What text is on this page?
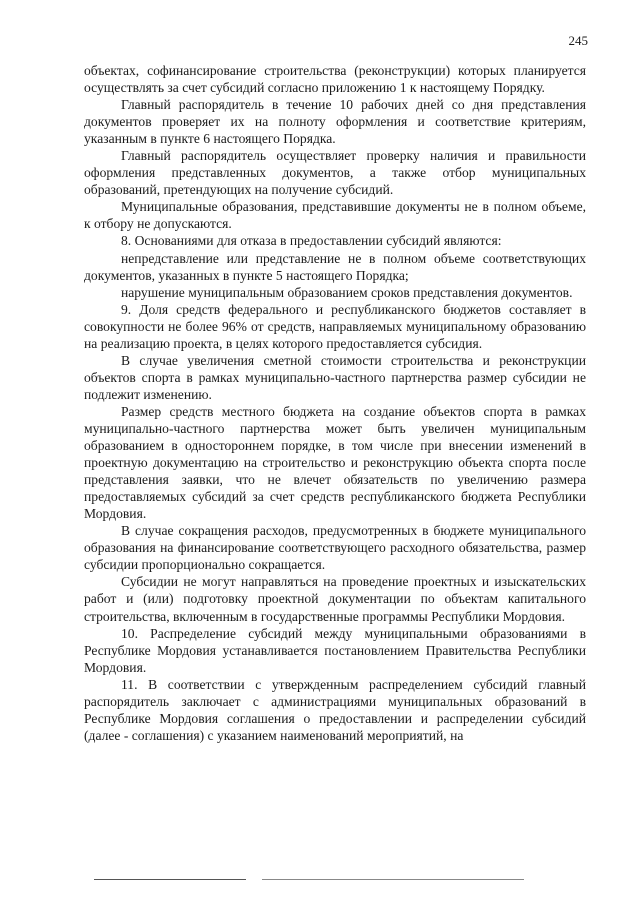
245

объектах, софинансирование строительства (реконструкции) которых планируется осуществлять за счет субсидий согласно приложению 1 к настоящему Порядку.

Главный распорядитель в течение 10 рабочих дней со дня представления документов проверяет их на полноту оформления и соответствие критериям, указанным в пункте 6 настоящего Порядка.

Главный распорядитель осуществляет проверку наличия и правильности оформления представленных документов, а также отбор муниципальных образований, претендующих на получение субсидий.

Муниципальные образования, представившие документы не в полном объеме, к отбору не допускаются.

8. Основаниями для отказа в предоставлении субсидий являются:

непредставление или представление не в полном объеме соответствующих документов, указанных в пункте 5 настоящего Порядка;

нарушение муниципальным образованием сроков представления документов.

9. Доля средств федерального и республиканского бюджетов составляет в совокупности не более 96% от средств, направляемых муниципальному образованию на реализацию проекта, в целях которого предоставляется субсидия.

В случае увеличения сметной стоимости строительства и реконструкции объектов спорта в рамках муниципально-частного партнерства размер субсидии не подлежит изменению.

Размер средств местного бюджета на создание объектов спорта в рамках муниципально-частного партнерства может быть увеличен муниципальным образованием в одностороннем порядке, в том числе при внесении изменений в проектную документацию на строительство и реконструкцию объекта спорта после представления заявки, что не влечет обязательств по увеличению размера предоставляемых субсидий за счет средств республиканского бюджета Республики Мордовия.

В случае сокращения расходов, предусмотренных в бюджете муниципального образования на финансирование соответствующего расходного обязательства, размер субсидии пропорционально сокращается.

Субсидии не могут направляться на проведение проектных и изыскательских работ и (или) подготовку проектной документации по объектам капитального строительства, включенным в государственные программы Республики Мордовия.

10. Распределение субсидий между муниципальными образованиями в Республике Мордовия устанавливается постановлением Правительства Республики Мордовия.

11. В соответствии с утвержденным распределением субсидий главный распорядитель заключает с администрациями муниципальных образований в Республике Мордовия соглашения о предоставлении и распределении субсидий (далее - соглашения) с указанием наименований мероприятий, на
